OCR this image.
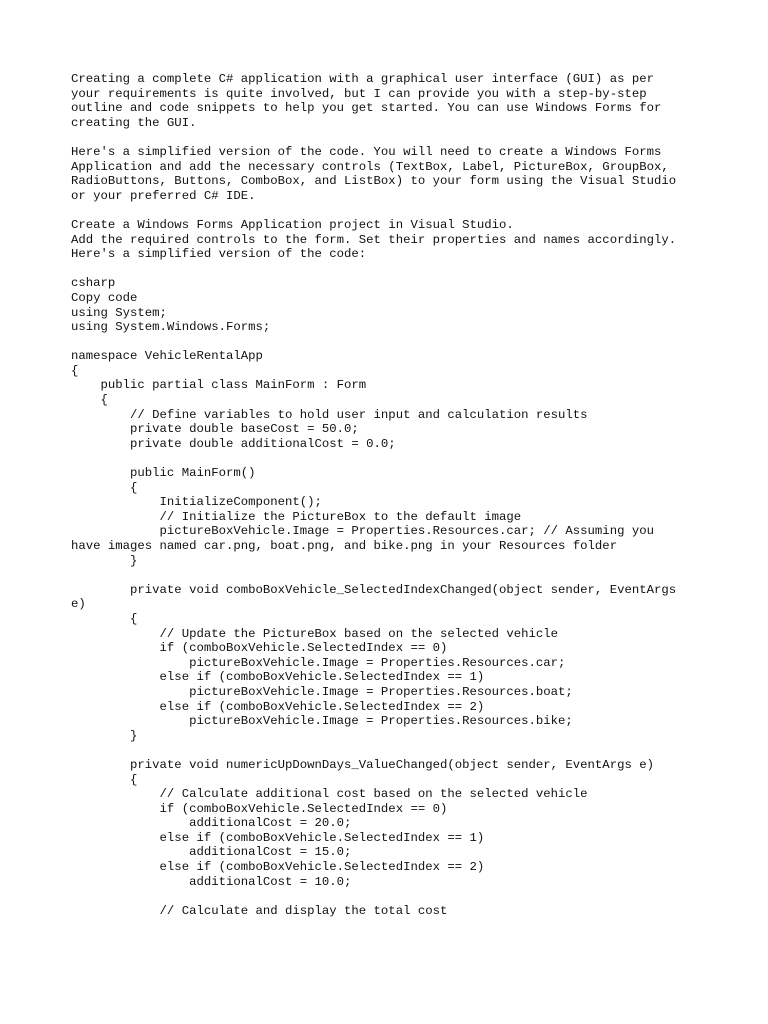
Creating a complete C# application with a graphical user interface (GUI) as per
your requirements is quite involved, but I can provide you with a step-by-step
outline and code snippets to help you get started. You can use Windows Forms for
creating the GUI.
Here's a simplified version of the code. You will need to create a Windows Forms
Application and add the necessary controls (TextBox, Label, PictureBox, GroupBox,
RadioButtons, Buttons, ComboBox, and ListBox) to your form using the Visual Studio
or your preferred C# IDE.
Create a Windows Forms Application project in Visual Studio.
Add the required controls to the form. Set their properties and names accordingly.
Here's a simplified version of the code:
csharp
Copy code
using System;
using System.Windows.Forms;
namespace VehicleRentalApp
{
public partial class MainForm : Form
{
// Define variables to hold user input and calculation results
private double baseCost = 50.0;
private double additionalCost = 0.0;
public MainForm()
{
InitializeComponent();
// Initialize the PictureBox to the default image
pictureBoxVehicle.Image = Properties.Resources.car; // Assuming you
have images named car.png, boat.png, and bike.png in your Resources folder
}
private void comboBoxVehicle_SelectedIndexChanged(object sender, EventArgs
e)
{
// Update the PictureBox based on the selected vehicle
if (comboBoxVehicle.SelectedIndex == 0)
pictureBoxVehicle.Image = Properties.Resources.car;
else if (comboBoxVehicle.SelectedIndex == 1)
pictureBoxVehicle.Image = Properties.Resources.boat;
else if (comboBoxVehicle.SelectedIndex == 2)
pictureBoxVehicle.Image = Properties.Resources.bike;
}
private void numericUpDownDays_ValueChanged(object sender, EventArgs e)
{
// Calculate additional cost based on the selected vehicle
if (comboBoxVehicle.SelectedIndex == 0)
additionalCost = 20.0;
else if (comboBoxVehicle.SelectedIndex == 1)
additionalCost = 15.0;
else if (comboBoxVehicle.SelectedIndex == 2)
additionalCost = 10.0;
// Calculate and display the total cost
